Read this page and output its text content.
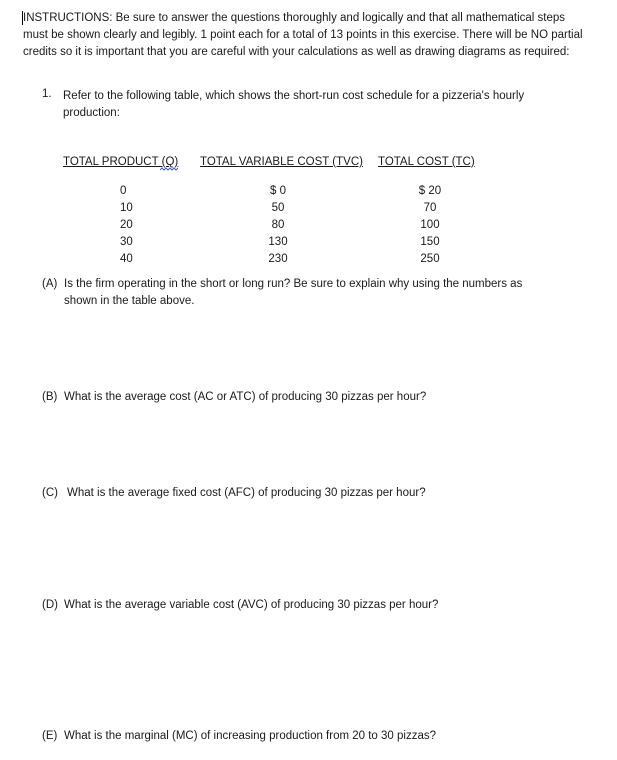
INSTRUCTIONS: Be sure to answer the questions thoroughly and logically and that all mathematical steps must be shown clearly and legibly. 1 point each for a total of 13 points in this exercise. There will be NO partial credits so it is important that you are careful with your calculations as well as drawing diagrams as required:

1. Refer to the following table, which shows the short-run cost schedule for a pizzeria's hourly production:

TOTAL PRODUCT (Q) TOTAL VARIABLE COST (TVC) TOTAL COST (TC)
0
10
20
30
40
$ 0
50
80
130
230
$ 20
70
100
150
250

(A) Is the firm operating in the short or long run? Be sure to explain why using the numbers as
shown in the table above.

(B) What is the average cost (AC or ATC) of producing 30 pizzas per hour?

(C) What is the average fixed cost (AFC) of producing 30 pizzas per hour?

(D) What is the average variable cost (AVC) of producing 30 pizzas per hour?

(E) What is the marginal (MC) of increasing production from 20 to 30 pizzas?
